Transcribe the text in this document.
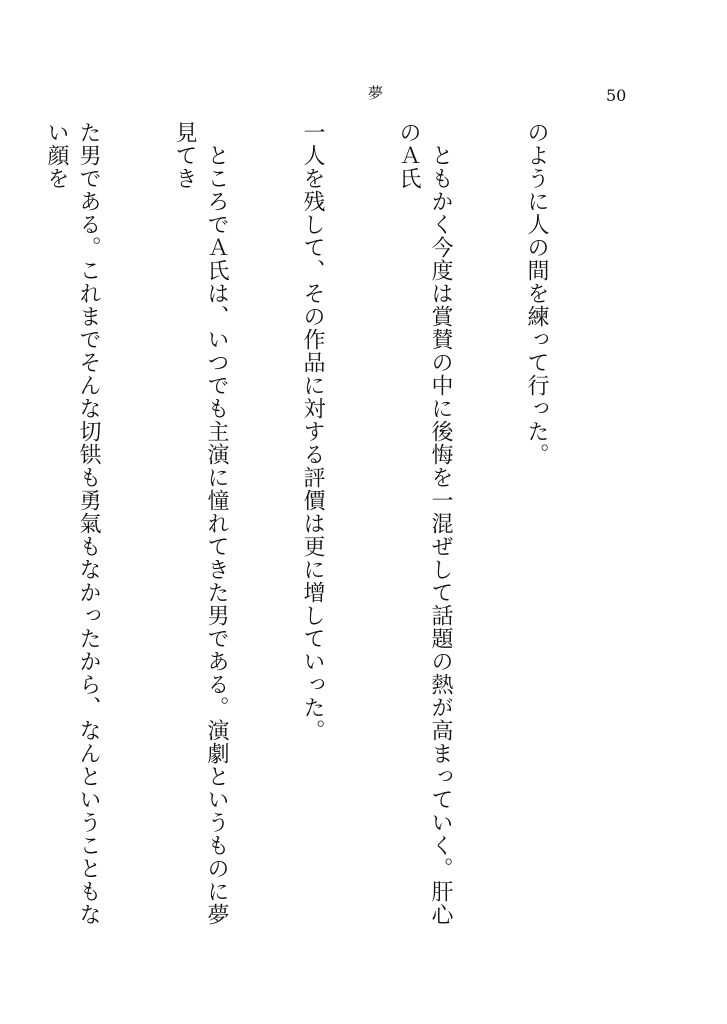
夢	50

のように人の間を練って行った。

　ともかく今度は賞賛の中に後悔を一混ぜして話題の熱が高まっていく。肝心のＡ氏

一人を残して、その作品に対する評價は更に增していった。

　ところでＡ氏は、いつでも主演に憧れてきた男である。演劇というものに夢見てき

た男である。これまでそんな切𫟹も勇氣もなかったから、なんということもない顔を
